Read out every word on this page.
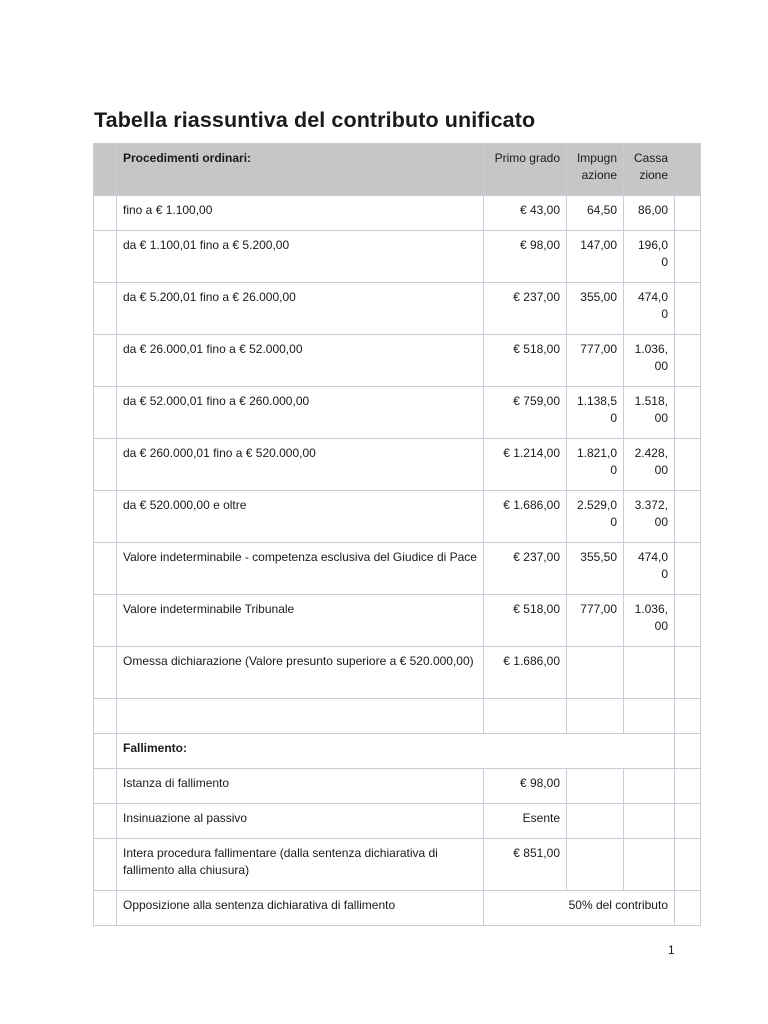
Tabella riassuntiva del contributo unificato
	Procedimenti ordinari:	Primo grado	Impugn azione	Cassa zione	
	fino a € 1.100,00	€ 43,00	64,50	86,00	
	da € 1.100,01 fino a € 5.200,00	€ 98,00	147,00	196,0 0	
	da € 5.200,01 fino a € 26.000,00	€ 237,00	355,00	474,0 0	
	da € 26.000,01 fino a € 52.000,00	€ 518,00	777,00	1.036, 00	
	da € 52.000,01 fino a € 260.000,00	€ 759,00	1.138,5 0	1.518, 00	
	da € 260.000,01 fino a € 520.000,00	€ 1.214,00	1.821,0 0	2.428, 00	
	da € 520.000,00 e oltre	€ 1.686,00	2.529,0 0	3.372, 00	
	Valore indeterminabile - competenza esclusiva del Giudice di Pace	€ 237,00	355,50	474,0 0	
	Valore indeterminabile Tribunale	€ 518,00	777,00	1.036, 00	
	Omessa dichiarazione (Valore presunto superiore a € 520.000,00)	€ 1.686,00			

	Fallimento:				
	Istanza di fallimento	€ 98,00			
	Insinuazione al passivo	Esente			
	Intera procedura fallimentare (dalla sentenza dichiarativa di fallimento alla chiusura)	€ 851,00			
	Opposizione alla sentenza dichiarativa di fallimento	50% del contributo			
1
